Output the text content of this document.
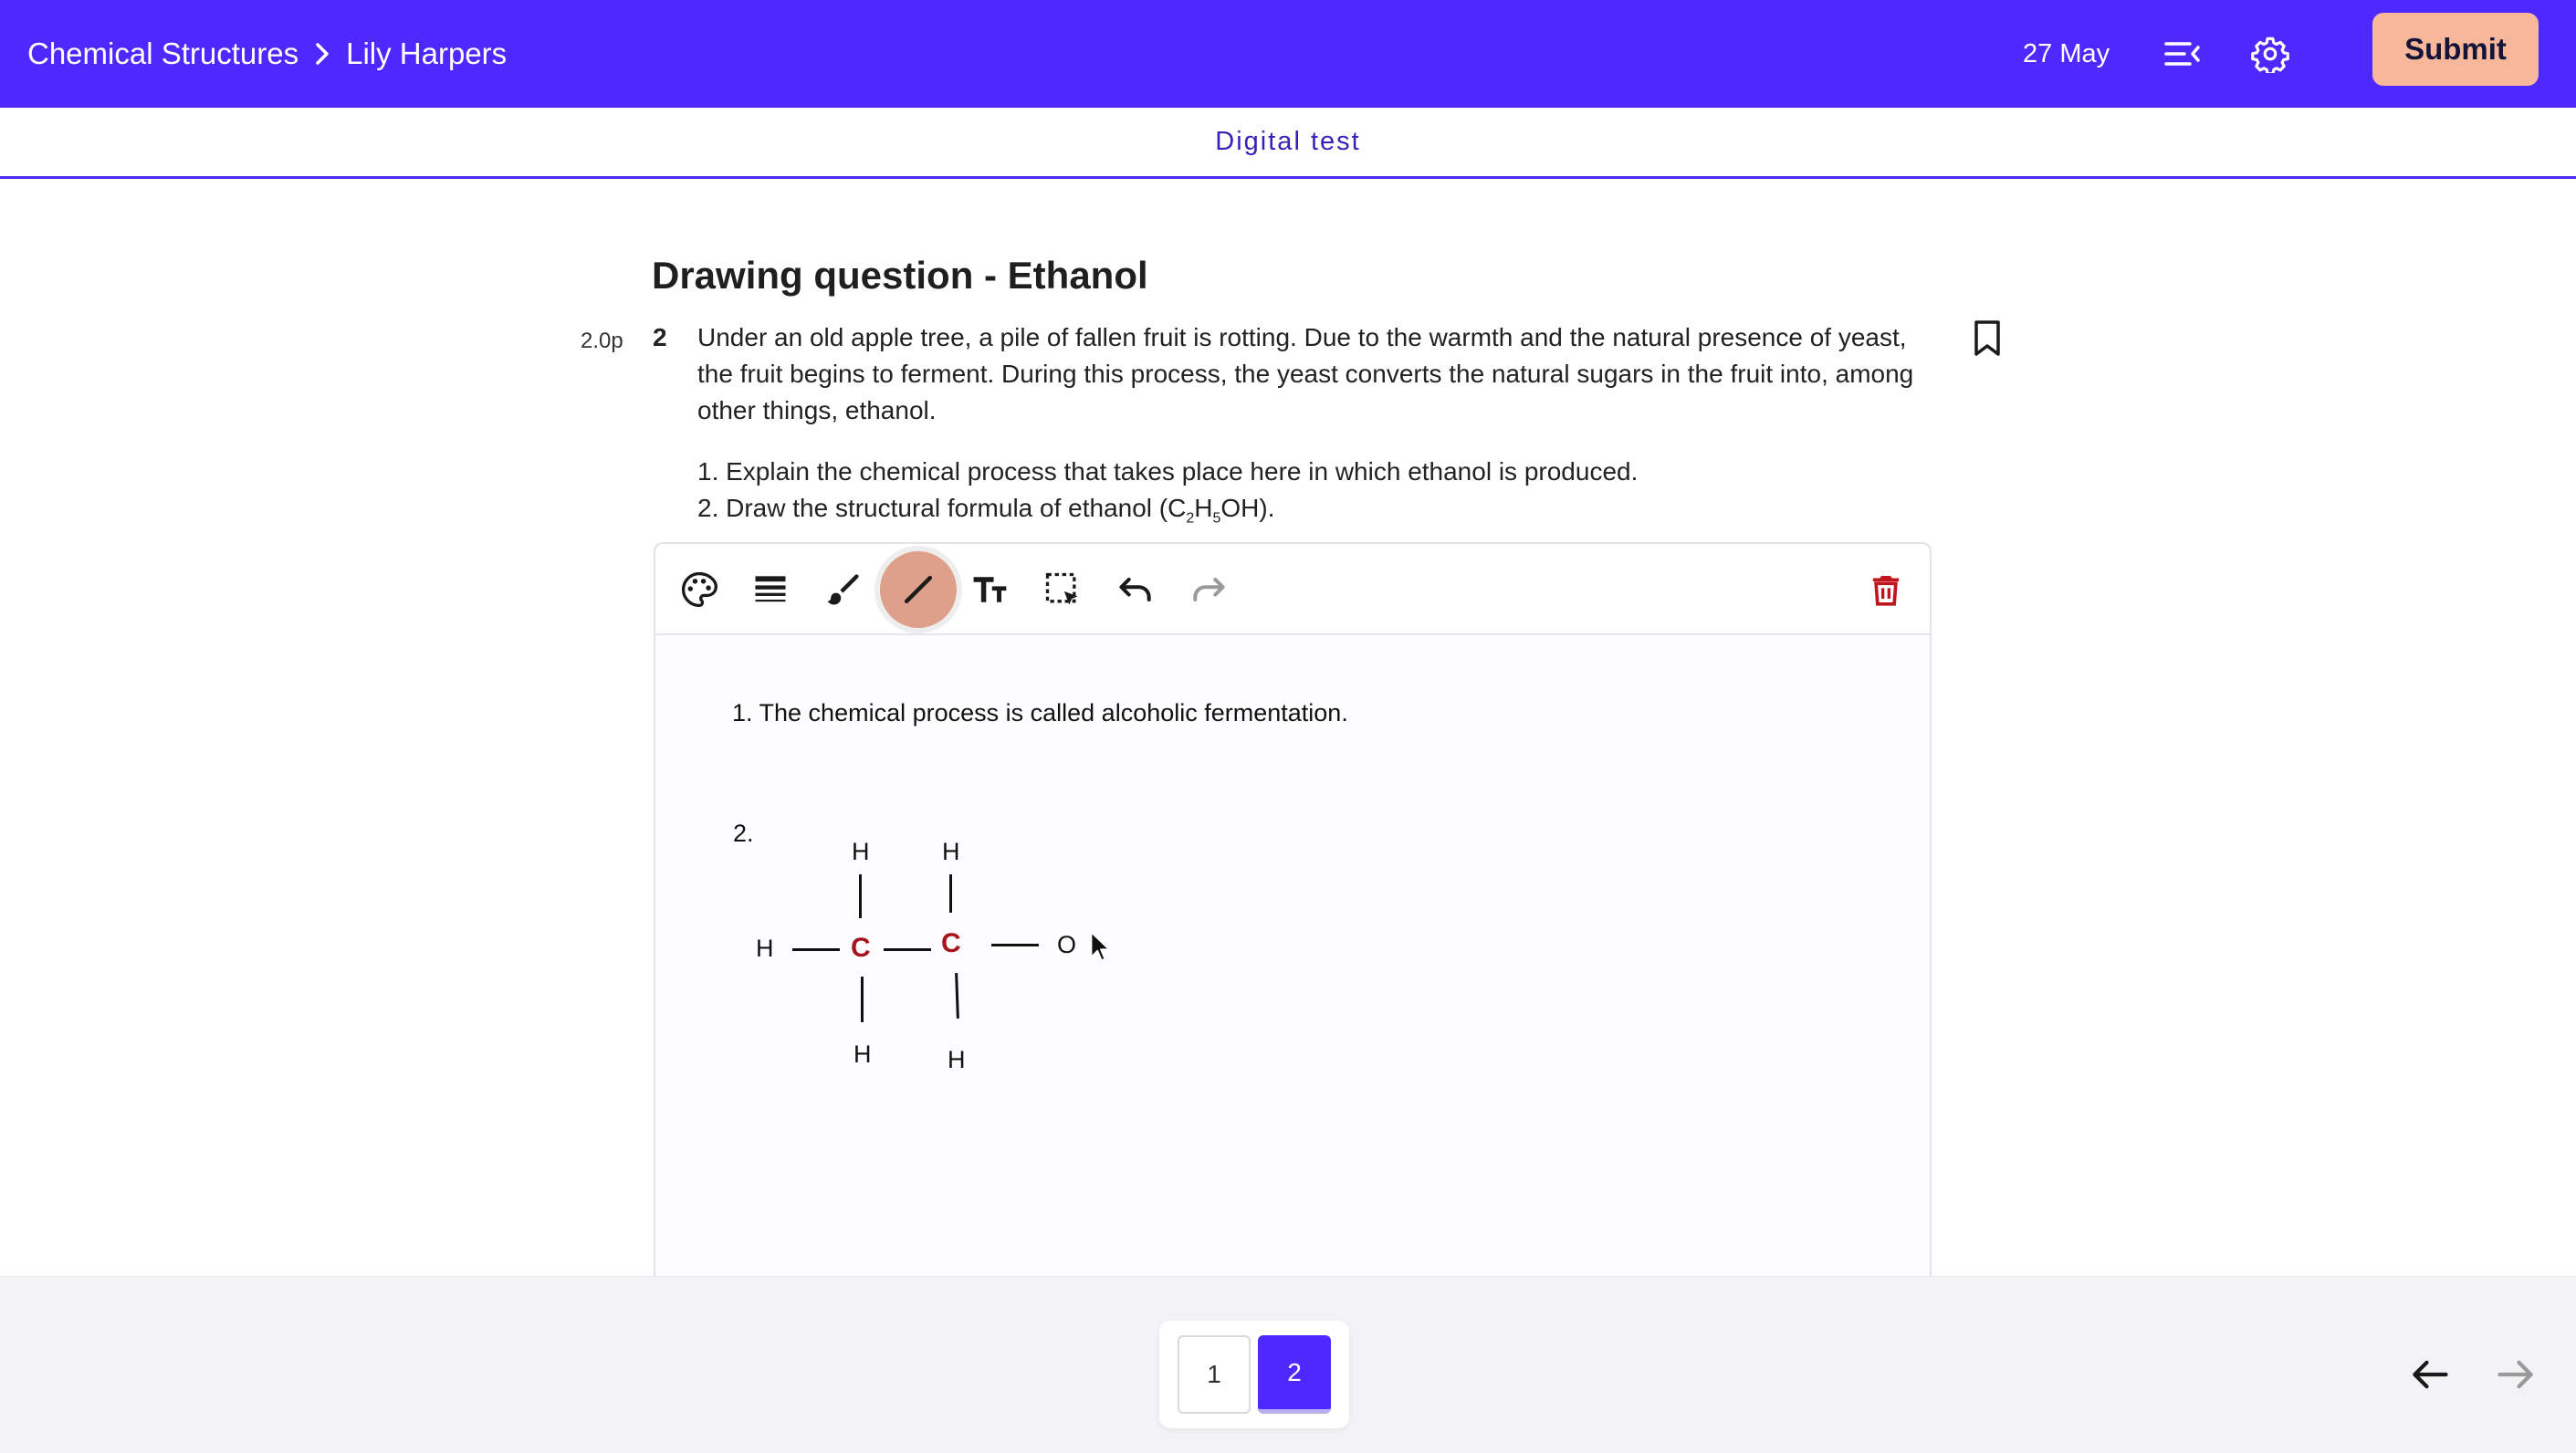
Chemical Structures Lily Harpers	27 May	Submit
Digital test
Drawing question - Ethanol
2.0p 2 Under an old apple tree, a pile of fallen fruit is rotting. Due to the warmth and the natural presence of yeast, the fruit begins to ferment. During this process, the yeast converts the natural sugars in the fruit into, among other things, ethanol.
1. Explain the chemical process that takes place here in which ethanol is produced.
2. Draw the structural formula of ethanol $(C_2H_5OH)$.
1. The chemical process is called alcoholic fermentation.
2.
H	H
H	C	C	O
H	H
1	2
